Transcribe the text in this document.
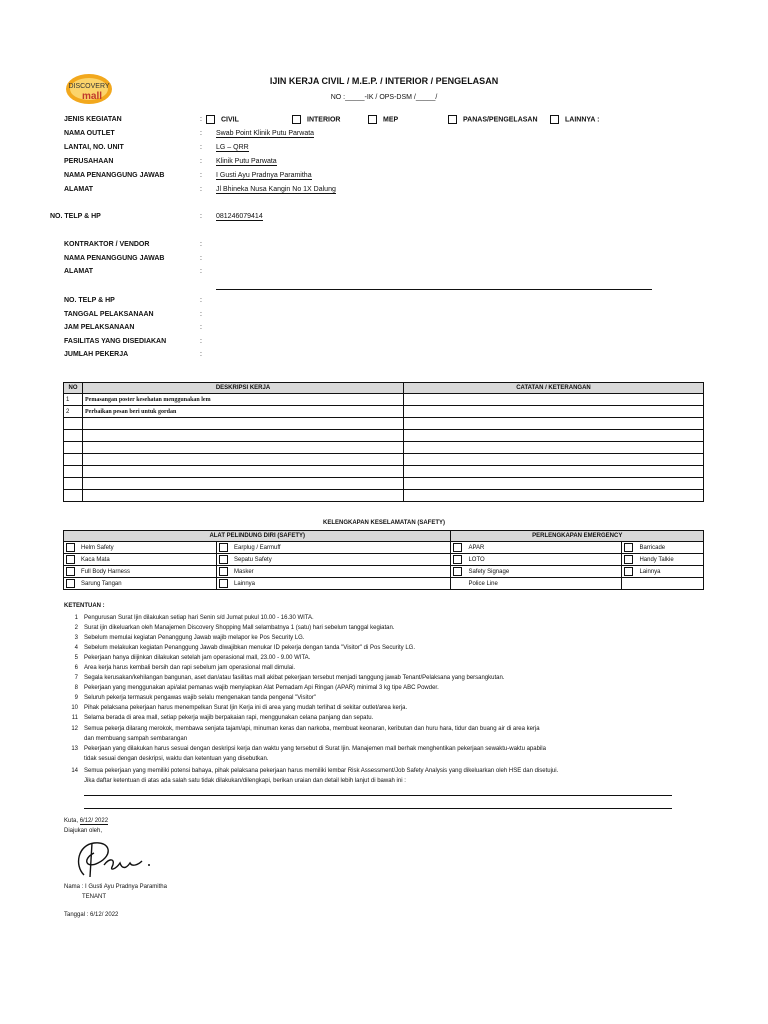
DISCOVERY
mall
IJIN KERJA CIVIL / M.E.P. / INTERIOR / PENGELASAN
NO :_____-IK / OPS-DSM /_____/
JENIS KEGIATAN	:	CIVIL	INTERIOR	MEP	PANAS/PENGELASAN	LAINNYA :
NAMA OUTLET	: Swab Point Klinik Putu Parwata
LANTAI, NO. UNIT	: LG – QRR
PERUSAHAAN	: Klinik Putu Parwata
NAMA PENANGGUNG JAWAB	: I Gusti Ayu Pradnya Paramitha
ALAMAT	: Jl Bhineka Nusa Kangin No 1X Dalung
NO. TELP & HP	: 081246079414
KONTRAKTOR / VENDOR	:
NAMA PENANGGUNG JAWAB	:
ALAMAT	:
NO. TELP & HP	:
TANGGAL PELAKSANAAN	:
JAM PELAKSANAAN	:
FASILITAS YANG DISEDIAKAN	:
JUMLAH PEKERJA	:
NO	DESKRIPSI KERJA	CATATAN / KETERANGAN
1	Pemasangan poster kesehatan menggunakan lem	
2	Perbaikan pesan beri untuk gordan	

KELENGKAPAN KESELAMATAN (SAFETY)
ALAT PELINDUNG DIRI (SAFETY)		PERLENGKAPAN EMERGENCY	
Helm Safety	Earplug / Earmuff	APAR	Barricade
Kaca Mata	Sepatu Safety	LOTO	Handy Talkie
Full Body Harness	Masker	Safety Signage	Lainnya
Sarung Tangan	Lainnya	Police Line	
KETENTUAN :
1 Pengurusan Surat Ijin dilakukan setiap hari Senin s/d Jumat pukul 10.00 - 16.30 WITA.
2 Surat ijin dikeluarkan oleh Manajemen Discovery Shopping Mall selambatnya 1 (satu) hari sebelum tanggal kegiatan.
3 Sebelum memulai kegiatan Penanggung Jawab wajib melapor ke Pos Security LG.
4 Sebelum melakukan kegiatan Penanggung Jawab diwajibkan menukar ID pekerja dengan tanda "Visitor" di Pos Security LG.
5 Pekerjaan hanya diijinkan dilakukan setelah jam operasional mall, 23.00 - 9.00 WITA.
6 Area kerja harus kembali bersih dan rapi sebelum jam operasional mall dimulai.
7 Segala kerusakan/kehilangan bangunan, aset dan/atau fasilitas mall akibat pekerjaan tersebut menjadi tanggung jawab Tenant/Pelaksana yang bersangkutan.
8 Pekerjaan yang menggunakan api/alat pemanas wajib menyiapkan Alat Pemadam Api Ringan (APAR) minimal 3 kg tipe ABC Powder.
9 Seluruh pekerja termasuk pengawas wajib selalu mengenakan tanda pengenal "Visitor"
10 Pihak pelaksana pekerjaan harus menempelkan Surat Ijin Kerja ini di area yang mudah terlihat di sekitar outlet/area kerja.
11 Selama berada di area mall, setiap pekerja wajib berpakaian rapi, menggunakan celana panjang dan sepatu.
12 Semua pekerja dilarang merokok, membawa senjata tajam/api, minuman keras dan narkoba, membuat keonaran, keributan dan huru hara, tidur dan buang air di area kerja
dan membuang sampah sembarangan
13 Pekerjaan yang dilakukan harus sesuai dengan deskripsi kerja dan waktu yang tersebut di Surat Ijin. Manajemen mall berhak menghentikan pekerjaan sewaktu-waktu apabila
tidak sesuai dengan deskripsi, waktu dan ketentuan yang disebutkan.
14 Semua pekerjaan yang memiliki potensi bahaya, pihak pelaksana pekerjaan harus memiliki lembar Risk Assessment/Job Safety Analysis yang dikeluarkan oleh HSE dan disetujui.
Jika daftar ketentuan di atas ada salah satu tidak dilakukan/dilengkapi, berikan uraian dan detail lebih lanjut di bawah ini :
Kuta, 6/12/ 2022
Diajukan oleh,
Nama : I Gusti Ayu Pradnya Paramitha
TENANT
Tanggal : 6/12/ 2022
